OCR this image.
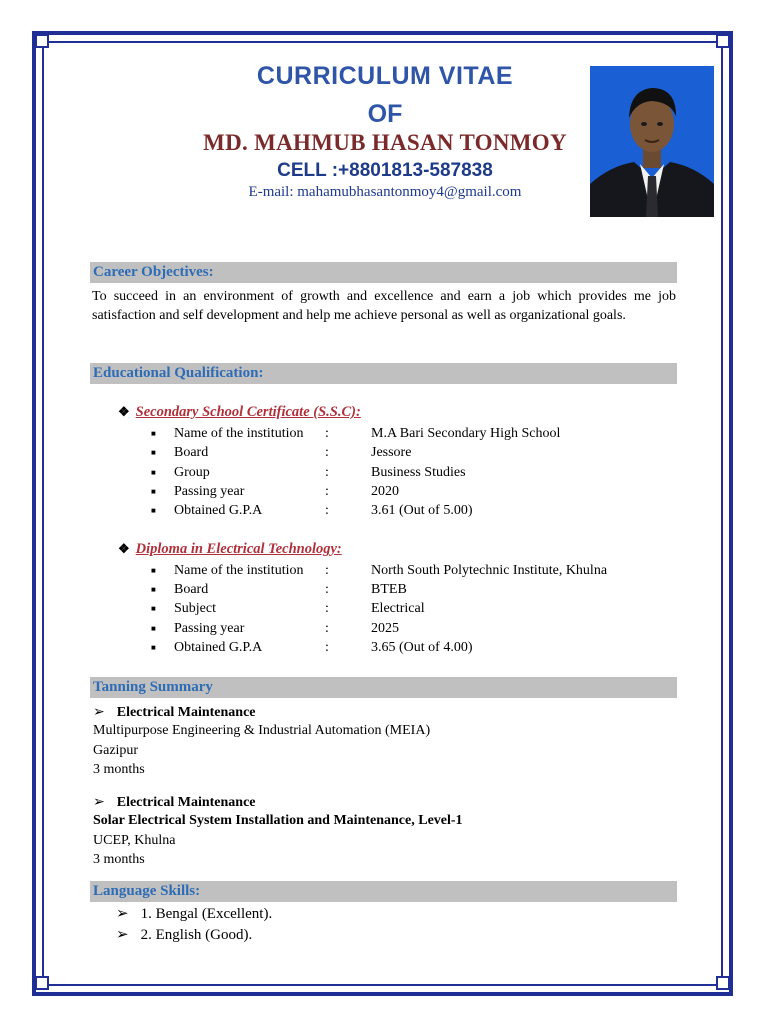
CURRICULUM VITAE
OF
MD. MAHMUB HASAN TONMOY
CELL :+8801813-587838
E-mail: mahamubhasantonmoy4@gmail.com
Career Objectives:
To succeed in an environment of growth and excellence and earn a job which provides me job satisfaction and self development and help me achieve personal as well as organizational goals.
Educational Qualification:
❖ Secondary School Certificate (S.S.C):
■ Name of the institution :	M.A Bari Secondary High School
■ Board	:	Jessore
■ Group	:	Business Studies
■ Passing year	:	2020
■ Obtained G.P.A	:	3.61 (Out of 5.00)
❖ Diploma in Electrical Technology:
■ Name of the institution :	North South Polytechnic Institute, Khulna
■ Board	:	BTEB
■ Subject	:	Electrical
■ Passing year	:	2025
■ Obtained G.P.A	:	3.65 (Out of 4.00)
Tanning Summary
➢ Electrical Maintenance
Multipurpose Engineering & Industrial Automation (MEIA)
Gazipur
3 months
➢ Electrical Maintenance
Solar Electrical System Installation and Maintenance, Level-1
UCEP, Khulna
3 months
Language Skills:
➢ 1. Bengal (Excellent).
➢ 2. English (Good).
